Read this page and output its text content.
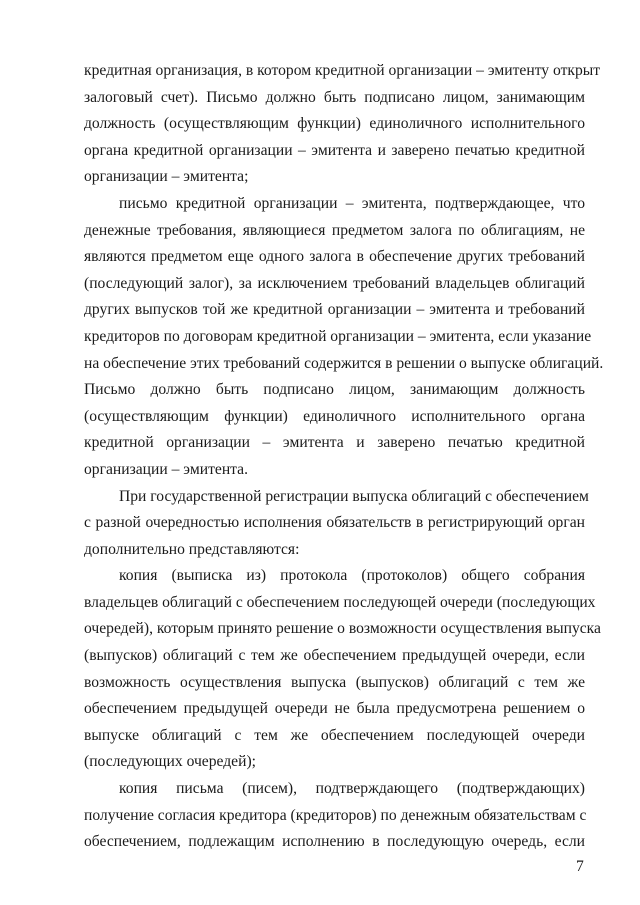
кредитная организация, в котором кредитной организации – эмитенту открыт
залоговый счет). Письмо должно быть подписано лицом, занимающим
должность (осуществляющим функции) единоличного исполнительного
органа кредитной организации – эмитента и заверено печатью кредитной
организации – эмитента;

письмо кредитной организации – эмитента, подтверждающее, что
денежные требования, являющиеся предметом залога по облигациям, не
являются предметом еще одного залога в обеспечение других требований
(последующий залог), за исключением требований владельцев облигаций
других выпусков той же кредитной организации – эмитента и требований
кредиторов по договорам кредитной организации – эмитента, если указание
на обеспечение этих требований содержится в решении о выпуске облигаций.
Письмо должно быть подписано лицом, занимающим должность
(осуществляющим функции) единоличного исполнительного органа
кредитной организации – эмитента и заверено печатью кредитной
организации – эмитента.

При государственной регистрации выпуска облигаций с обеспечением
с разной очередностью исполнения обязательств в регистрирующий орган
дополнительно представляются:

копия (выписка из) протокола (протоколов) общего собрания
владельцев облигаций с обеспечением последующей очереди (последующих
очередей), которым принято решение о возможности осуществления выпуска
(выпусков) облигаций с тем же обеспечением предыдущей очереди, если
возможность осуществления выпуска (выпусков) облигаций с тем же
обеспечением предыдущей очереди не была предусмотрена решением о
выпуске облигаций с тем же обеспечением последующей очереди
(последующих очередей);

копия письма (писем), подтверждающего (подтверждающих)
получение согласия кредитора (кредиторов) по денежным обязательствам с
обеспечением, подлежащим исполнению в последующую очередь, если

7
